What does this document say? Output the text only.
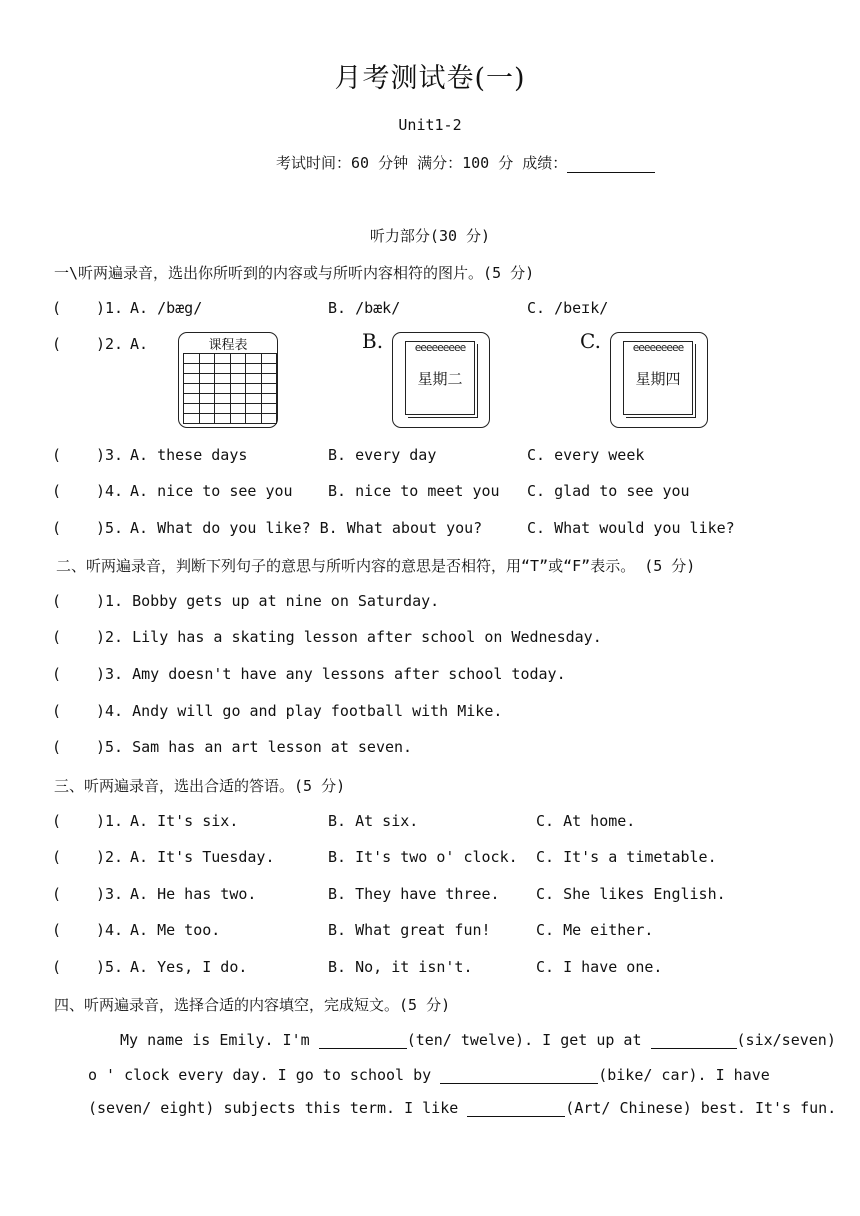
月考测试卷(一)
Unit1-2
考试时间：60 分钟 满分：100 分 成绩：
听力部分(30 分)
一\听两遍录音，选出你所听到的内容或与所听内容相符的图片。(5 分)
( )1. A. /bæg/	B. /bæk/	C. /beɪk/
( )2. A.	课程表

						B.	eeeeeeeee
星期二
C.	eeeeeeeee
星期四
( )3. A. these days	B. every day	C. every week
( )4. A. nice to see you B. nice to meet you C. glad to see you
( )5. A. What do you like? B. What about you?	C. What would you like?
二、听两遍录音，判断下列句子的意思与所听内容的意思是否相符，用“T”或“F”表示。 (5 分)
( )1. Bobby gets up at nine on Saturday.
( )2. Lily has a skating lesson after school on Wednesday.
( )3. Amy doesn't have any lessons after school today.
( )4. Andy will go and play football with Mike.
( )5. Sam has an art lesson at seven.
三、听两遍录音，选出合适的答语。(5 分)
( )1. A. It's six.	B. At six.	C. At home.
( )2. A. It's Tuesday.	B. It's two o' clock. C. It's a timetable.
( )3. A. He has two.	B. They have three. C. She likes English.
( )4. A. Me too.	B. What great fun!	C. Me either.
( )5. A. Yes, I do.	B. No, it isn't.	C. I have one.
四、听两遍录音，选择合适的内容填空，完成短文。(5 分)
My name is Emily. I'm	(ten/ twelve). I get up at	(six/seven)
o ' clock every day. I go to school by	(bike/ car). I have
(seven/ eight) subjects this term. I like	(Art/ Chinese) best. It's fun.
